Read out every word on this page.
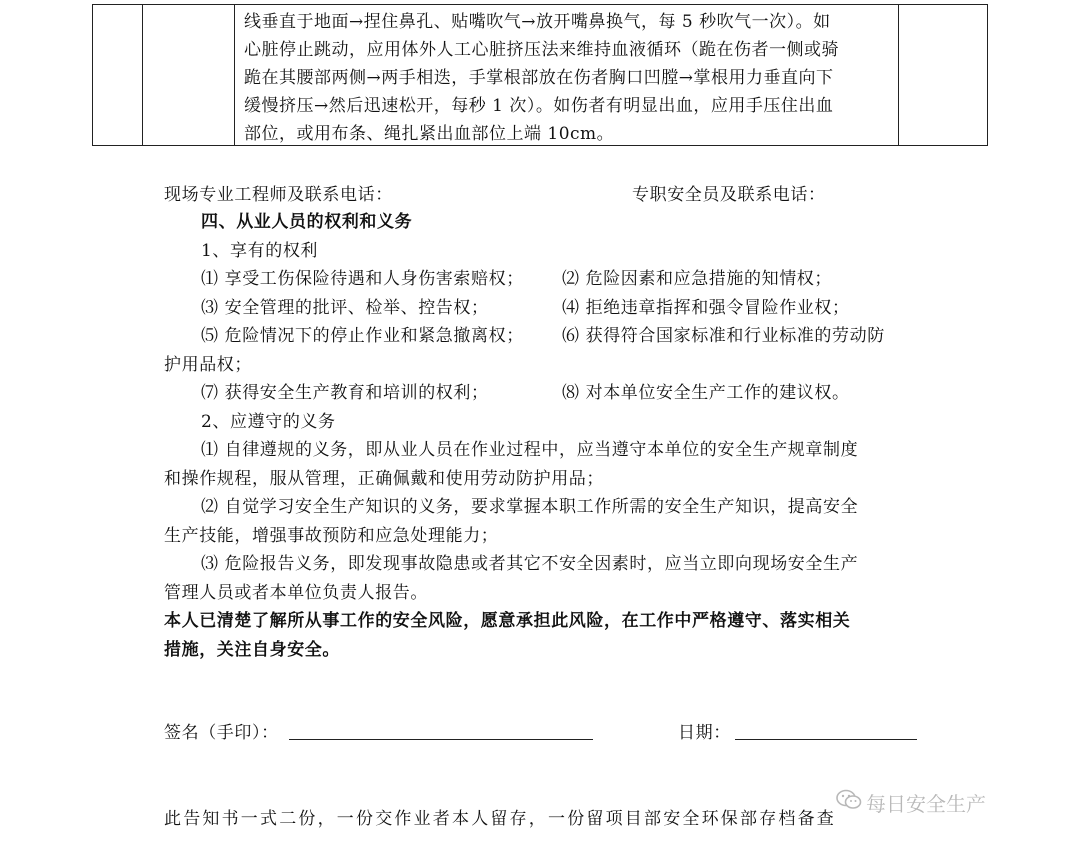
线垂直于地面→捏住鼻孔、贴嘴吹气→放开嘴鼻换气，每 5 秒吹气一次）。如
心脏停止跳动，应用体外人工心脏挤压法来维持血液循环（跪在伤者一侧或骑
跪在其腰部两侧→两手相迭，手掌根部放在伤者胸口凹膛→掌根用力垂直向下
缓慢挤压→然后迅速松开，每秒 1 次）。如伤者有明显出血，应用手压住出血
部位，或用布条、绳扎紧出血部位上端 10cm。
现场专业工程师及联系电话：	专职安全员及联系电话：
四、从业人员的权利和义务
1、享有的权利
⑴ 享受工伤保险待遇和人身伤害索赔权； ⑵ 危险因素和应急措施的知情权；
⑶ 安全管理的批评、检举、控告权；	⑷ 拒绝违章指挥和强令冒险作业权；
⑸ 危险情况下的停止作业和紧急撤离权； ⑹ 获得符合国家标准和行业标准的劳动防
护用品权；
⑺ 获得安全生产教育和培训的权利；	⑻ 对本单位安全生产工作的建议权。
2、应遵守的义务
⑴ 自律遵规的义务，即从业人员在作业过程中，应当遵守本单位的安全生产规章制度
和操作规程，服从管理，正确佩戴和使用劳动防护用品；
⑵ 自觉学习安全生产知识的义务，要求掌握本职工作所需的安全生产知识，提高安全
生产技能，增强事故预防和应急处理能力；
⑶ 危险报告义务，即发现事故隐患或者其它不安全因素时，应当立即向现场安全生产
管理人员或者本单位负责人报告。
本人已清楚了解所从事工作的安全风险，愿意承担此风险，在工作中严格遵守、落实相关
措施，关注自身安全。
签名（手印）：	日期：
此告知书一式二份，一份交作业者本人留存，一份留项目部安全环保部存档备查
每日安全生产
